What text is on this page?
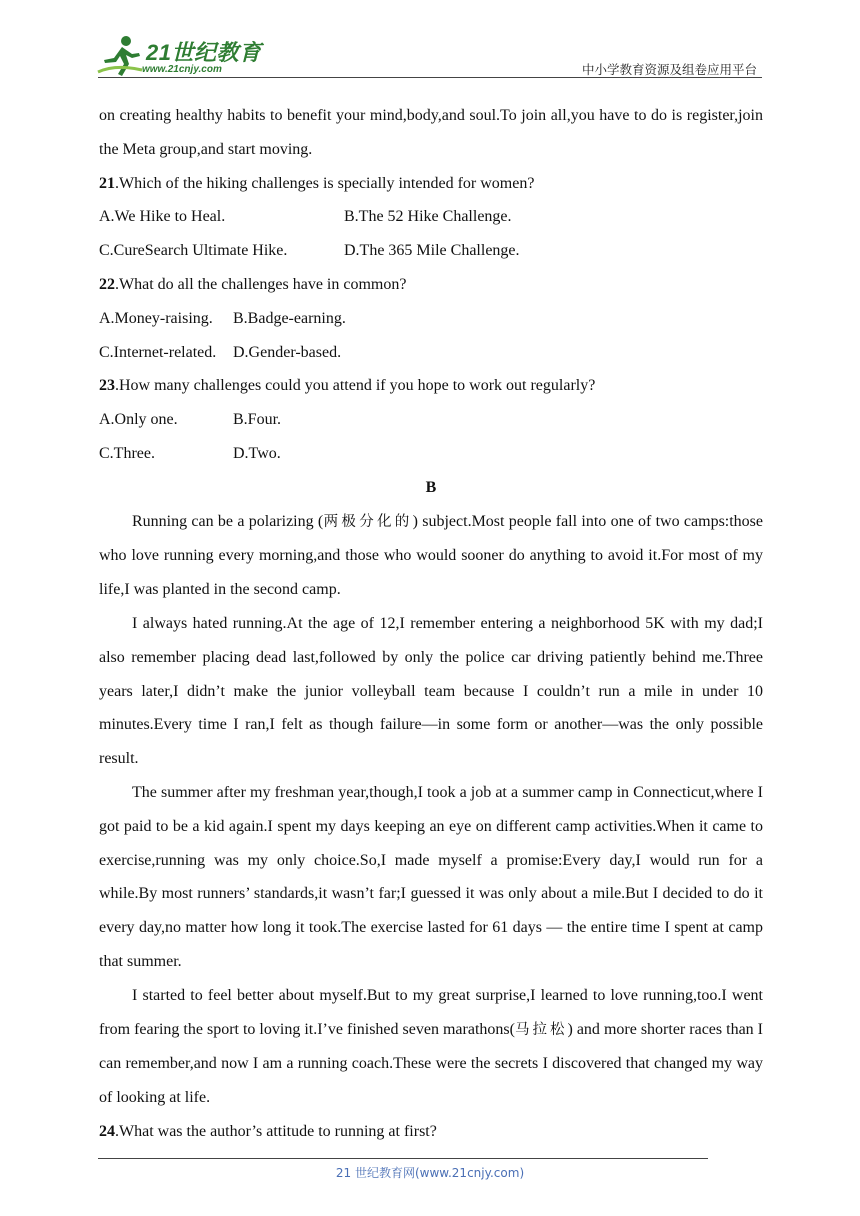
21世纪教育
www.21cnjy.com	中小学教育资源及组卷应用平台

on creating healthy habits to benefit your mind,body,and soul.To join all,you have to do is register,join the Meta group,and start moving.

21.Which of the hiking challenges is specially intended for women?

A.We Hike to Heal.	B.The 52 Hike Challenge.
C.CureSearch Ultimate Hike.	D.The 365 Mile Challenge.

22.What do all the challenges have in common?

A.Money-raising.	B.Badge-earning.
C.Internet-related.	D.Gender-based.

23.How many challenges could you attend if you hope to work out regularly?

A.Only one.	B.Four.
C.Three.	D.Two.

B

Running can be a polarizing (两极分化的) subject.Most people fall into one of two camps:those who love running every morning,and those who would sooner do anything to avoid it.For most of my life,I was planted in the second camp.

I always hated running.At the age of 12,I remember entering a neighborhood 5K with my dad;I also remember placing dead last,followed by only the police car driving patiently behind me.Three years later,I didn’t make the junior volleyball team because I couldn’t run a mile in under 10 minutes.Every time I ran,I felt as though failure—in some form or another—was the only possible result.

The summer after my freshman year,though,I took a job at a summer camp in Connecticut,where I got paid to be a kid again.I spent my days keeping an eye on different camp activities.When it came to exercise,running was my only choice.So,I made myself a promise:Every day,I would run for a while.By most runners’ standards,it wasn’t far;I guessed it was only about a mile.But I decided to do it every day,no matter how long it took.The exercise lasted for 61 days — the entire time I spent at camp that summer.

I started to feel better about myself.But to my great surprise,I learned to love running,too.I went from fearing the sport to loving it.I’ve finished seven marathons(马拉松) and more shorter races than I can remember,and now I am a running coach.These were the secrets I discovered that changed my way of looking at life.

24.What was the author’s attitude to running at first?

21 世纪教育网(www.21cnjy.com)
